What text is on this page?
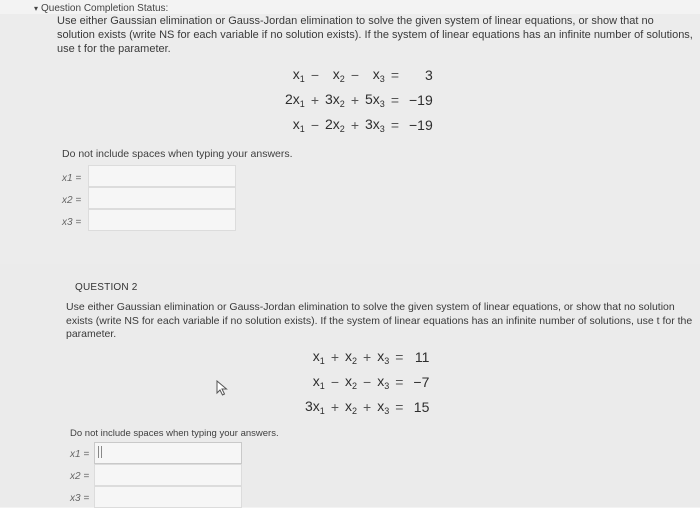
▾ Question Completion Status:
Use either Gaussian elimination or Gauss-Jordan elimination to solve the given system of linear equations, or show that no solution exists (write NS for each variable if no solution exists). If the system of linear equations has an infinite number of solutions, use t for the parameter.
$x_1$	−	$x_2$	−	$x_3$	=	3
$2x_1$	+	$3x_2$	+	$5x_3$	=	−19
$x_1$	−	$2x_2$	+	$3x_3$	=	−19
Do not include spaces when typing your answers.
x1 =
x2 =
x3 =
QUESTION 2
Use either Gaussian elimination or Gauss-Jordan elimination to solve the given system of linear equations, or show that no solution exists (write NS for each variable if no solution exists). If the system of linear equations has an infinite number of solutions, use t for the parameter.
$x_1$	+	$x_2$	+	$x_3$	=	11
$x_1$	−	$x_2$	−	$x_3$	=	−7
$3x_1$	+	$x_2$	+	$x_3$	=	15
Do not include spaces when typing your answers.
x1 =
x2 =
x3 =
